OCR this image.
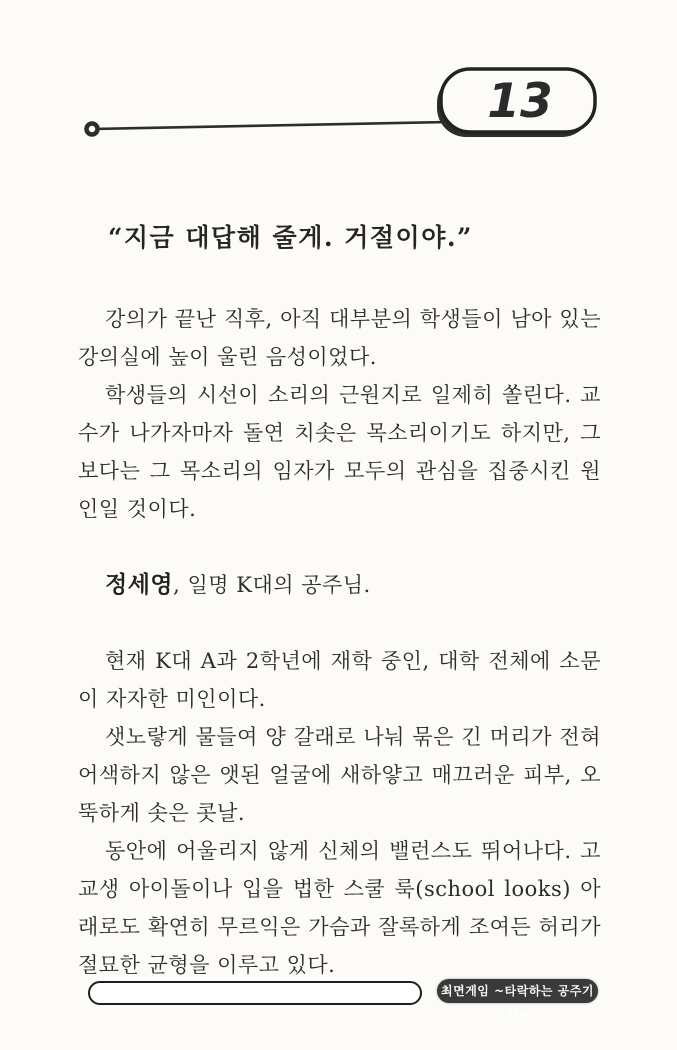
13
“지금 대답해 줄게. 거절이야.”

강의가 끝난 직후, 아직 대부분의 학생들이 남아 있는 강의실에 높이 울린 음성이었다.

학생들의 시선이 소리의 근원지로 일제히 쏠린다. 교수가 나가자마자 돌연 치솟은 목소리이기도 하지만, 그보다는 그 목소리의 임자가 모두의 관심을 집중시킨 원인일 것이다.

정세영, 일명 K대의 공주님.

현재 K대 A과 2학년에 재학 중인, 대학 전체에 소문이 자자한 미인이다.

샛노랗게 물들여 양 갈래로 나눠 묶은 긴 머리가 전혀 어색하지 않은 앳된 얼굴에 새하얗고 매끄러운 피부, 오뚝하게 솟은 콧날.

동안에 어울리지 않게 신체의 밸런스도 뛰어나다. 고교생 아이돌이나 입을 법한 스쿨 룩(school looks) 아래로도 확연히 무르익은 가슴과 잘록하게 조여든 허리가 절묘한 균형을 이루고 있다.

최면게임 ~타락하는 공주기사~
